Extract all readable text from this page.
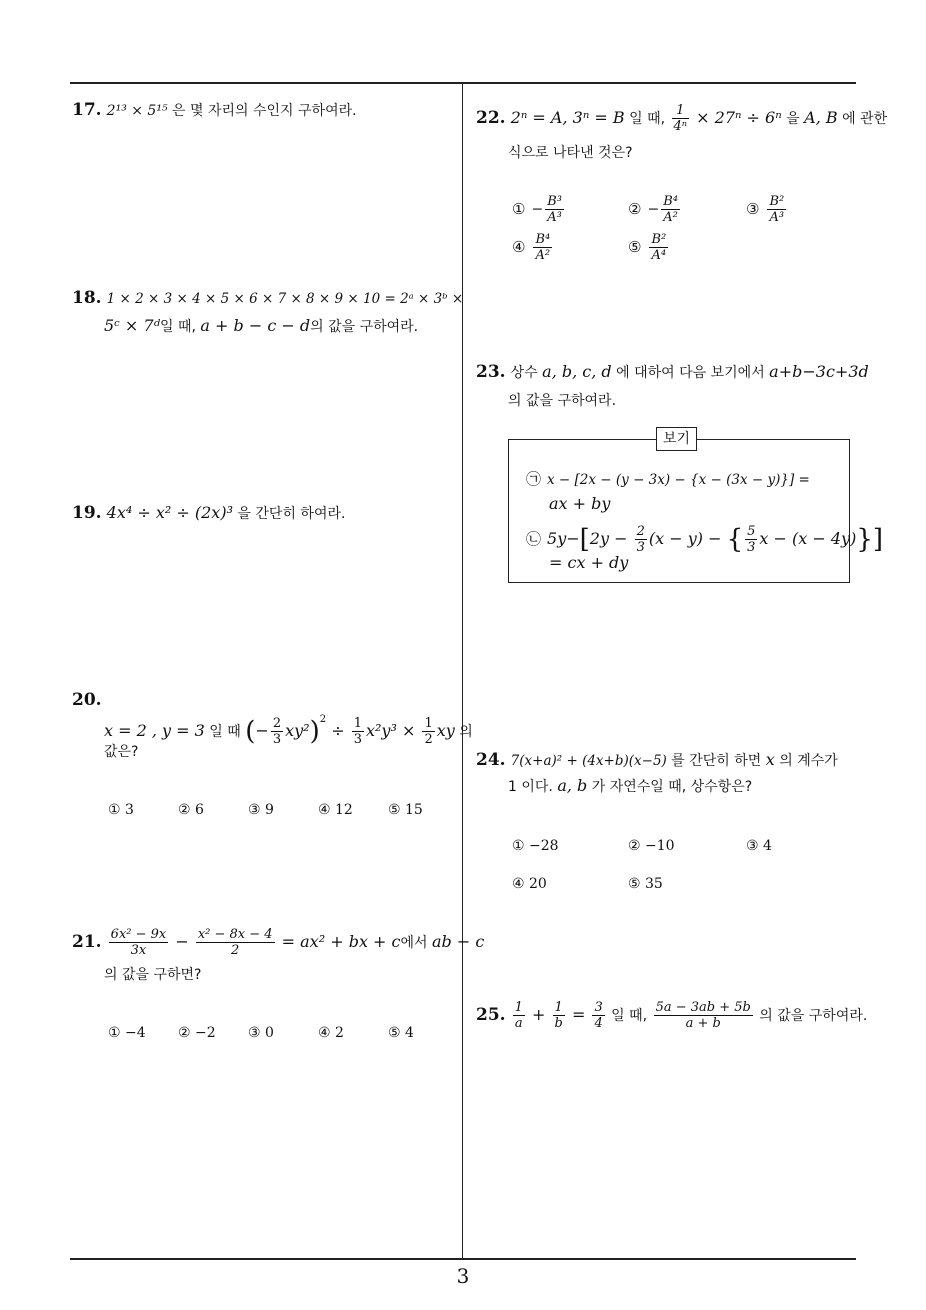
17. 2¹³ × 5¹⁵ 은 몇 자리의 수인지 구하여라.
18. 1 × 2 × 3 × 4 × 5 × 6 × 7 × 8 × 9 × 10 = 2ᵃ × 3ᵇ ×
5ᶜ × 7ᵈ일 때, a + b − c − d의 값을 구하여라.
19. 4x⁴ ÷ x² ÷ (2x)³ 을 간단히 하여라.
20.
x = 2 , y = 3 일 때 (− $\frac{2}{3} xy^2)^2 \div \frac{1}{3} x^2y^3 \times \frac{1}{2}$ xy 의
값은?
① 3	② 6	③ 9	④ 12	⑤ 15
21. $\frac{\text{6x² − 9x}}{3x} - \frac{\text{x² − 8x − 4}}{2} = ax^2$ + bx + c에서 ab − c
의 값을 구하면?
① −4 ② −2 ③ 0	④ 2	⑤ 4
22. 2ⁿ = A, 3ⁿ = B 일 때, $\frac{1}{\text{4ⁿ}} \times 27^n \div 6^n$ 을 A, B 에 관한
식으로 나타낸 것은?
① − $\frac{\text{B³}}{\text{A³}}$	② − $\frac{\text{B⁴}}{\text{A²}}$	③ $\frac{\text{B²}}{\text{A³}}$
④ $\frac{\text{B⁴}}{\text{A²}}$	⑤ $\frac{\text{B²}}{\text{A⁴}}$
23. 상수 a, b, c, d 에 대하여 다음 보기에서 a+b−3c+3d
의 값을 구하여라.
보기
㉠ x − [2x − (y − 3x) − {x − (3x − y)}] =
ax + by
㉡ $5y-[2y - \frac{2}{3} (x - y)$ − { $\frac{5}{3}$ x − (x − 4y)}]
= cx + dy
24. 7(x+a)² + (4x+b)(x−5) 를 간단히 하면 x 의 계수가
1 이다. a, b 가 자연수일 때, 상수항은?
① −28	② −10	③ 4
④ 20	⑤ 35
25. $\frac{1}{a} + \frac{1}{b} = \frac{3}{4}$ 일 때, $\frac{5a - 3ab + 5b}{a + b}$ 의 값을 구하여라.
3
